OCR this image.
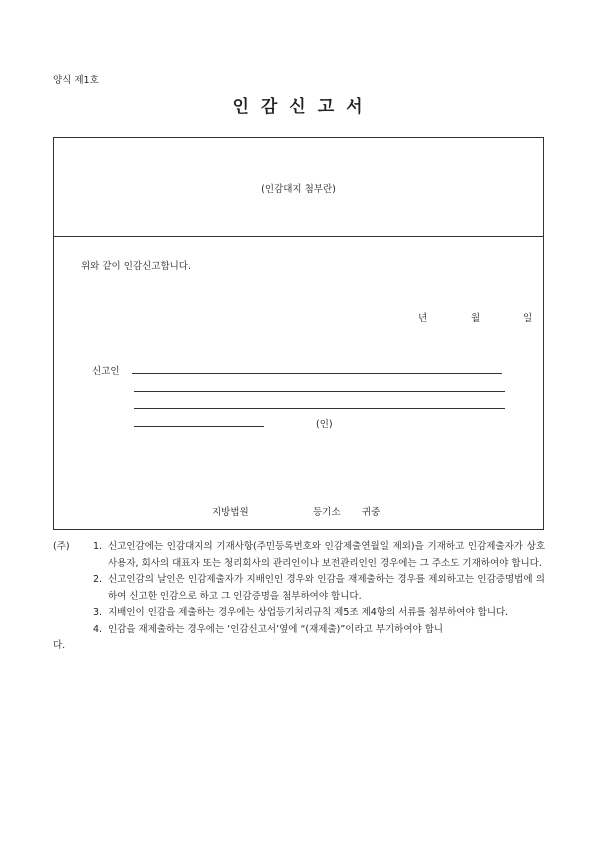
양식 제1호
인감신고서
(인감대지 첨부란)
위와 같이 인감신고합니다.
년	월	일
신고인
(인)
지방법원	등기소 귀중
(주)	1. 신고인감에는 인감대지의 기재사항(주민등록번호와 인감제출연월일 제외)을 기재하고 인감제출자가 상호사용자, 회사의 대표자 또는 청리회사의 관리인이나 보전관리인인 경우에는 그 주소도 기재하여야 합니다.
2. 신고인감의 날인은 인감제출자가 지배인인 경우와 인감을 재제출하는 경우를 제외하고는 인감증명법에 의하여 신고한 인감으로 하고 그 인감증명을 첨부하여야 합니다.
3. 지배인이 인감을 제출하는 경우에는 상업등기처리규칙 제5조 제4항의 서류를 첨부하여야 합니다.
4. 인감을 재제출하는 경우에는 ‘인감신고서’옆에 “(재제출)”이라고 부기하여야 합니
다.
